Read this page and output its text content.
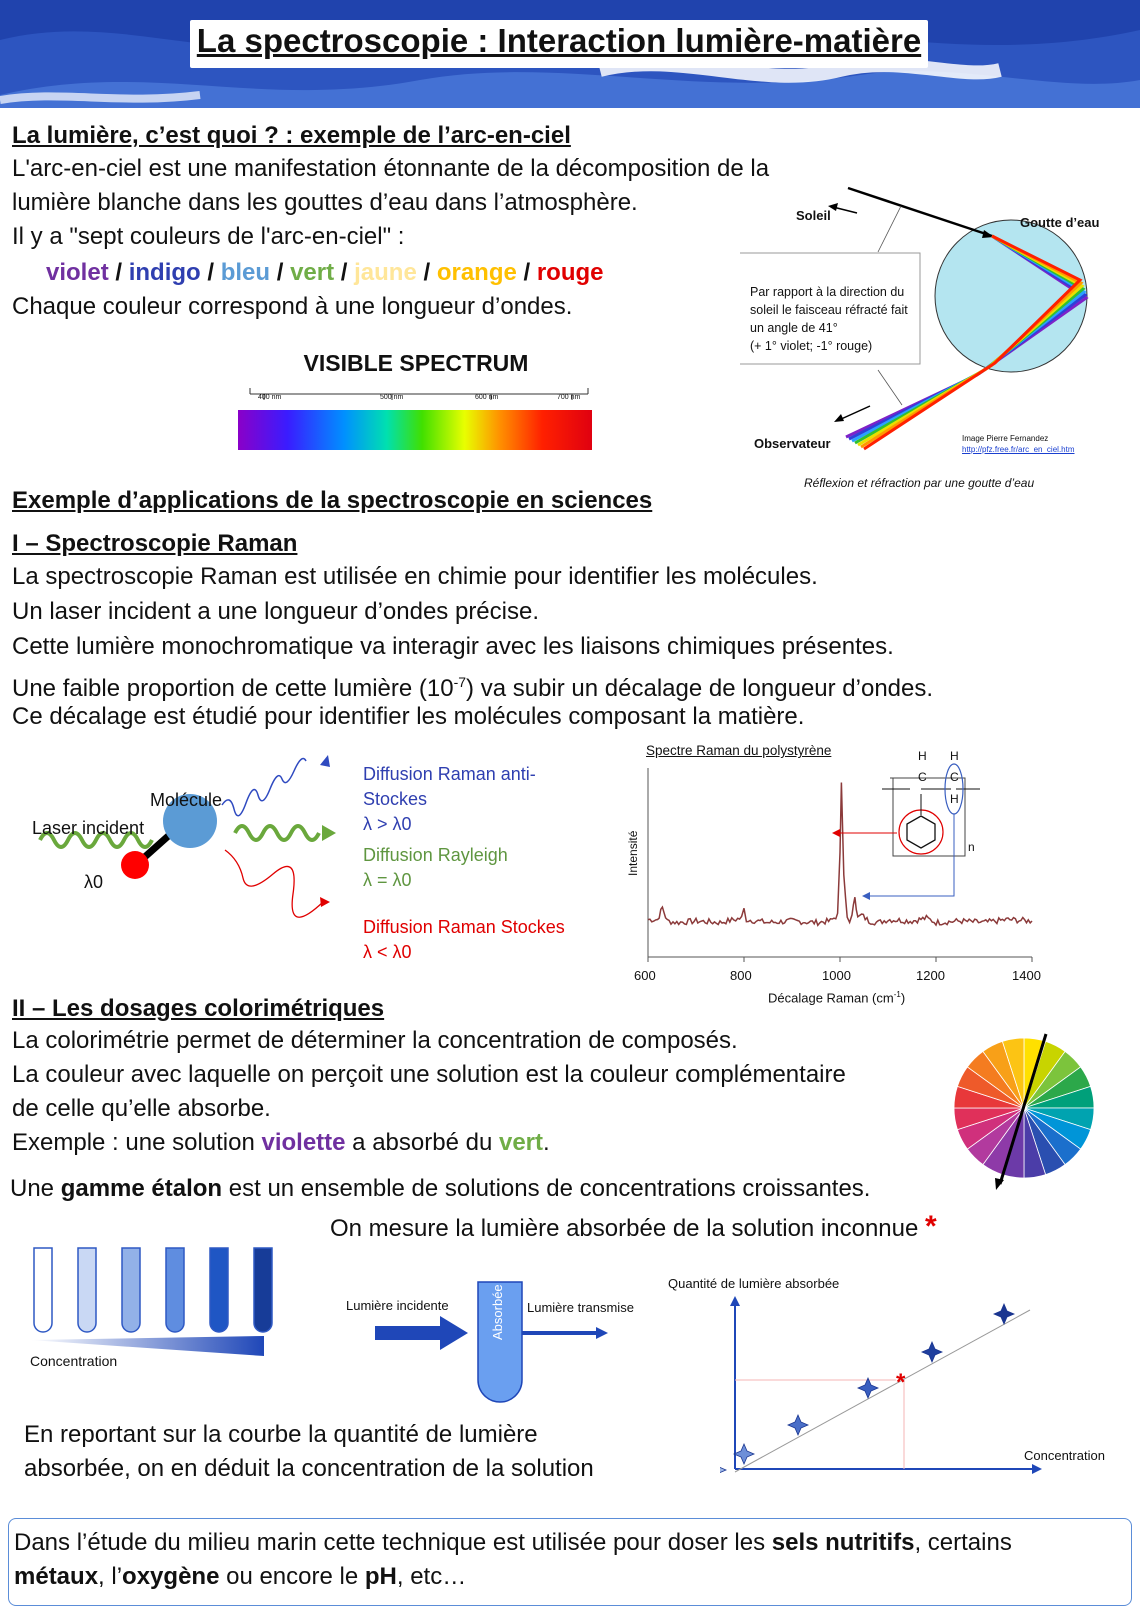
La spectroscopie : Interaction lumière-matière
La lumière, c’est quoi ? : exemple de l’arc-en-ciel
L'arc-en-ciel est une manifestation étonnante de la décomposition de la
lumière blanche dans les gouttes d’eau dans l’atmosphère.
Il y a "sept couleurs de l'arc-en-ciel" :
violet / indigo / bleu / vert / jaune / orange / rouge
Chaque couleur correspond à une longueur d’ondes.
VISIBLE SPECTRUM
400 nm	500 nm	600 nm	700 nm
Soleil	Goutte d’eau
Par rapport à la direction du
soleil le faisceau réfracté fait
un angle de 41°
(+ 1° violet; -1° rouge)
Observateur	Image Pierre Fernandez
http://pfz.free.fr/arc_en_ciel.htm
Réflexion et réfraction par une goutte d’eau
Exemple d’applications de la spectroscopie en sciences
I – Spectroscopie Raman
La spectroscopie Raman est utilisée en chimie pour identifier les molécules.
Un laser incident a une longueur d’ondes précise.
Cette lumière monochromatique va interagir avec les liaisons chimiques présentes.
Une faible proportion de cette lumière $(10^{-7})$ va subir un décalage de longueur d’ondes.
Ce décalage est étudié pour identifier les molécules composant la matière.
Molécule
Laser incident
λ0
Diffusion Raman anti-
Stockes
λ > λ0
Diffusion Rayleigh
λ = λ0
Diffusion Raman Stockes
λ < λ0
Spectre Raman du polystyrène
Intensité
H
C C
H
H
n
600	800	1000	1200	1400
Décalage Raman $(cm^{-1})$
II – Les dosages colorimétriques
La colorimétrie permet de déterminer la concentration de composés.
La couleur avec laquelle on perçoit une solution est la couleur complémentaire
de celle qu’elle absorbe.
Exemple : une solution violette a absorbé du vert.
Une gamme étalon est un ensemble de solutions de concentrations croissantes.
On mesure la lumière absorbée de la solution inconnue *
Concentration
Lumière incidente	Lumière transmise
Absorbée
Quantité de lumière absorbée
Concentration
*
En reportant sur la courbe la quantité de lumière
absorbée, on en déduit la concentration de la solution
Dans l’étude du milieu marin cette technique est utilisée pour doser les sels nutritifs, certains
métaux, l’oxygène ou encore le pH, etc…
